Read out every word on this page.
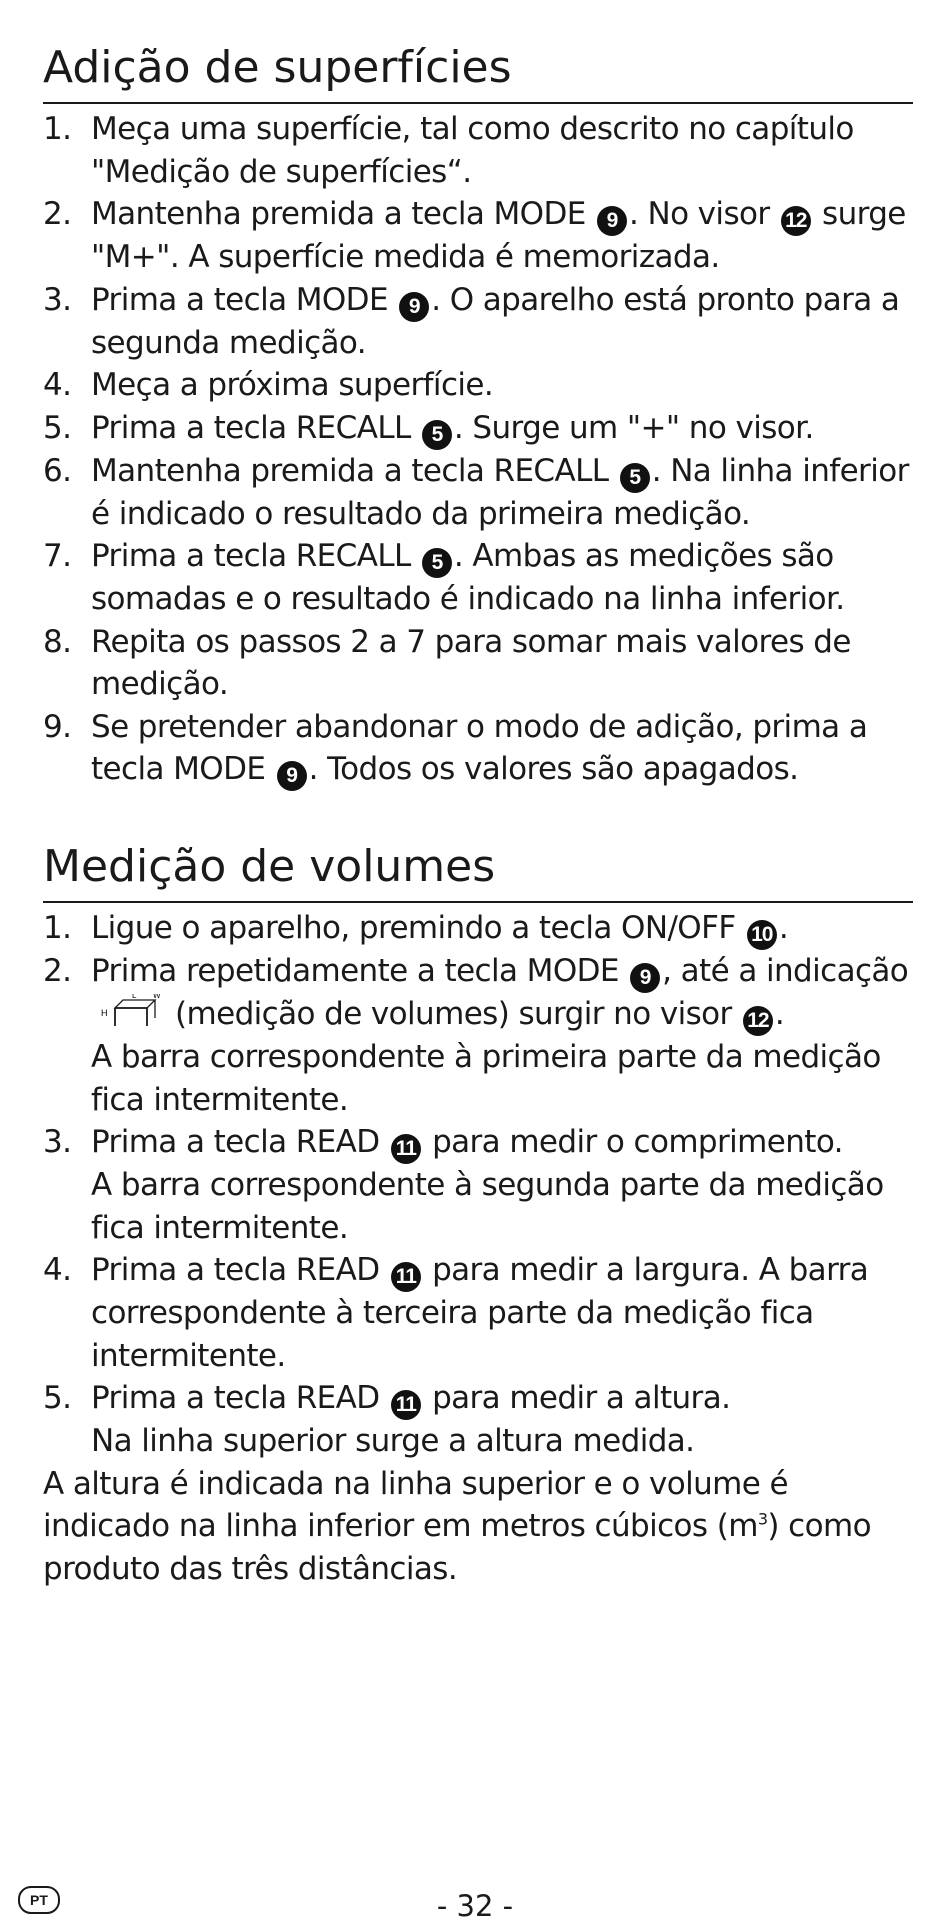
Adição de superfícies
1. Meça uma superfície, tal como descrito no capítulo "Medição de superfícies“.
2. Mantenha premida a tecla MODE 9 . No visor 12 surge "M+". A superfície medida é memorizada.
3. Prima a tecla MODE 9 . O aparelho está pronto para a segunda medição.
4. Meça a próxima superfície.
5. Prima a tecla RECALL 5 . Surge um "+" no visor.
6. Mantenha premida a tecla RECALL 5 . Na linha inferior é indicado o resultado da primeira medição.
7. Prima a tecla RECALL 5 . Ambas as medições são somadas e o resultado é indicado na linha inferior.
8. Repita os passos 2 a 7 para somar mais valores de medição.
9. Se pretender abandonar o modo de adição, prima a tecla MODE 9 . Todos os valores são apagados.
Medição de volumes
1. Ligue o aparelho, premindo a tecla ON/OFF 10 .
2. Prima repetidamente a tecla MODE 9 , até a indicação
H
L W
(medição de volumes) surgir no visor 12 .
A barra correspondente à primeira parte da medição fica intermitente.
3. Prima a tecla READ 11 para medir o comprimento.
A barra correspondente à segunda parte da medição fica intermitente.
4. Prima a tecla READ 11 para medir a largura. A barra correspondente à terceira parte da medição fica intermitente.
5. Prima a tecla READ 11 para medir a altura.
Na linha superior surge a altura medida.

A altura é indicada na linha superior e o volume é indicado na linha inferior em metros cúbicos $(m^3)$ como produto das três distâncias.

PT	- 32 -
